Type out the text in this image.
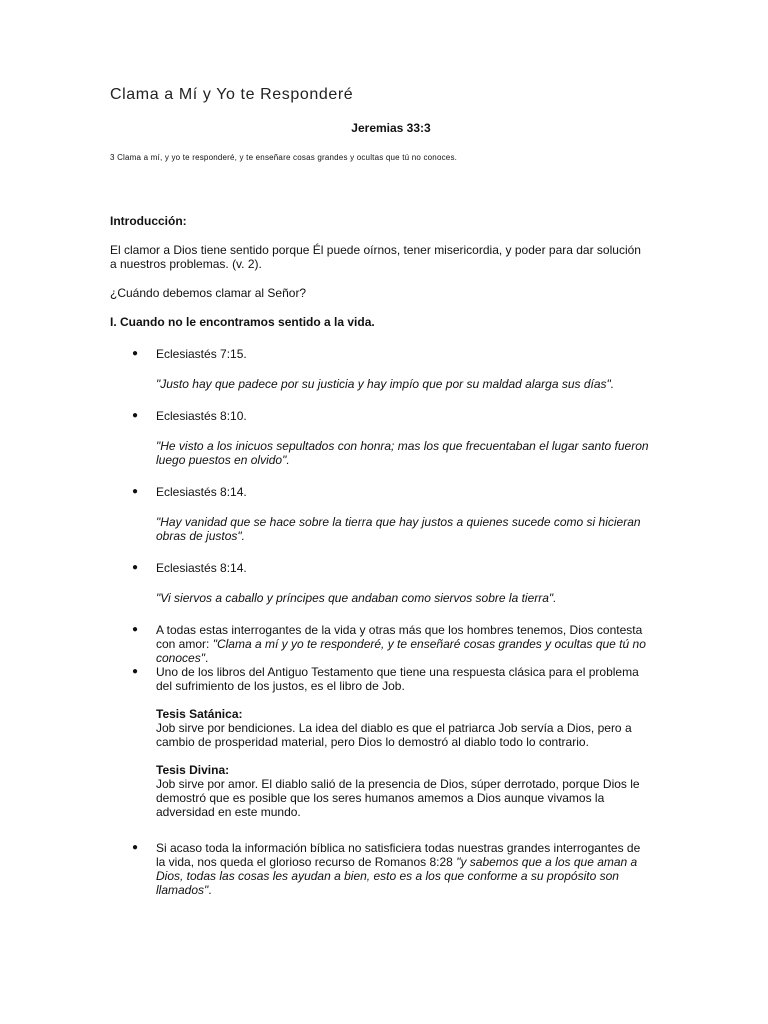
Clama a Mí y Yo te Responderé
Jeremias 33:3
3 Clama a mí, y yo te responderé, y te enseñare cosas grandes y ocultas que tú no conoces.

Introducción:

El clamor a Dios tiene sentido porque Él puede oírnos, tener misericordia, y poder para dar solución a nuestros problemas. (v. 2).

¿Cuándo debemos clamar al Señor?

I. Cuando no le encontramos sentido a la vida.

● Eclesiastés 7:15.

"Justo hay que padece por su justicia y hay impío que por su maldad alarga sus días".

● Eclesiastés 8:10.

"He visto a los inicuos sepultados con honra; mas los que frecuentaban el lugar santo fueron luego puestos en olvido".

● Eclesiastés 8:14.

"Hay vanidad que se hace sobre la tierra que hay justos a quienes sucede como si hicieran obras de justos".

● Eclesiastés 8:14.

"Vi siervos a caballo y príncipes que andaban como siervos sobre la tierra".

● A todas estas interrogantes de la vida y otras más que los hombres tenemos, Dios contesta con amor: "Clama a mí y yo te responderé, y te enseñaré cosas grandes y ocultas que tú no conoces".

● Uno de los libros del Antiguo Testamento que tiene una respuesta clásica para el problema del sufrimiento de los justos, es el libro de Job.

Tesis Satánica:

Job sirve por bendiciones. La idea del diablo es que el patriarca Job servía a Dios, pero a cambio de prosperidad material, pero Dios lo demostró al diablo todo lo contrario.

Tesis Divina:

Job sirve por amor. El diablo salió de la presencia de Dios, súper derrotado, porque Dios le demostró que es posible que los seres humanos amemos a Dios aunque vivamos la adversidad en este mundo.

● Si acaso toda la información bíblica no satisficiera todas nuestras grandes interrogantes de la vida, nos queda el glorioso recurso de Romanos 8:28 "y sabemos que a los que aman a Dios, todas las cosas les ayudan a bien, esto es a los que conforme a su propósito son llamados".
